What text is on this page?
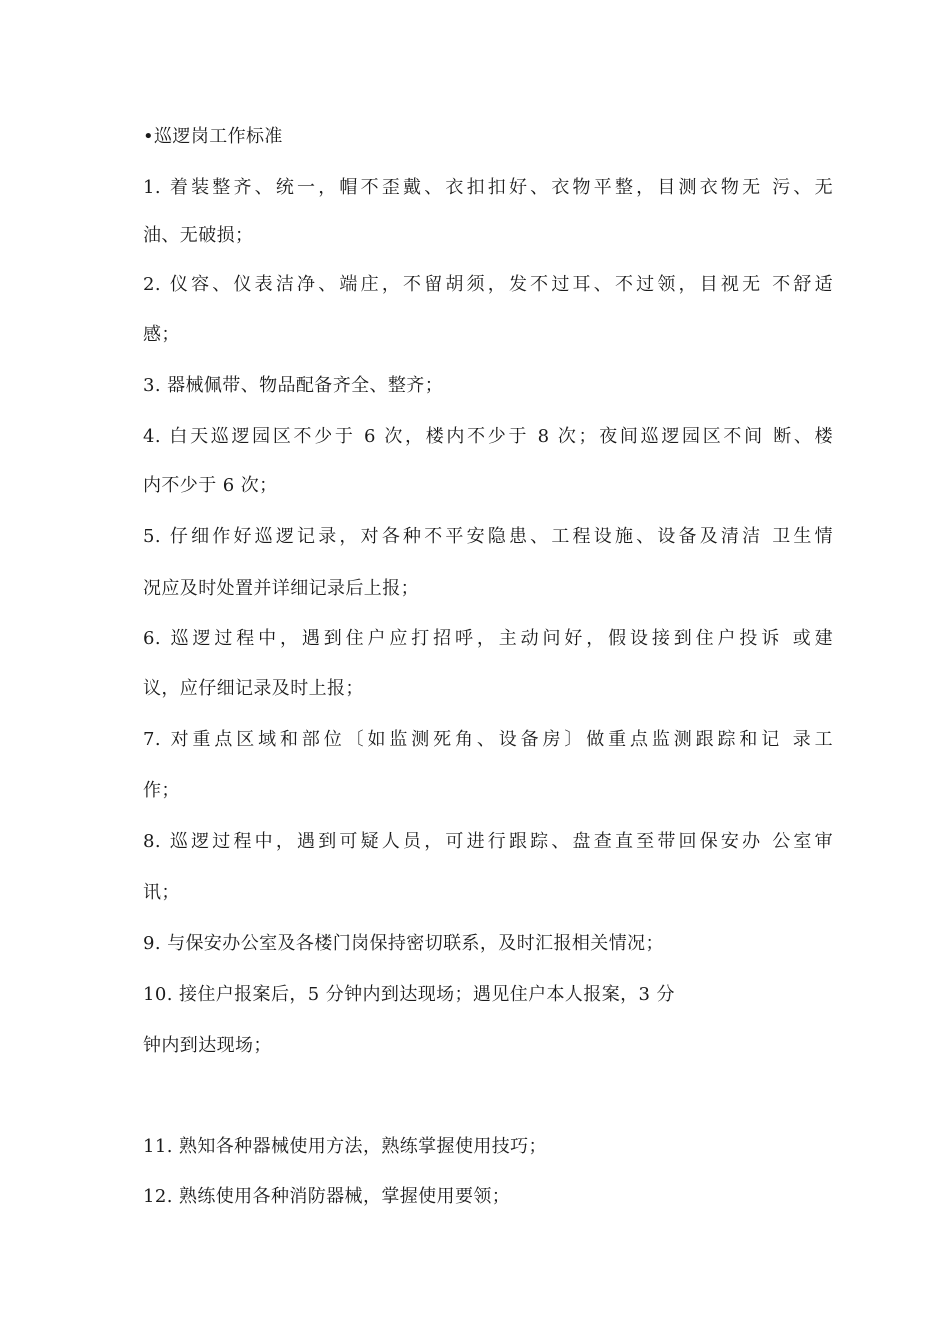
•巡逻岗工作标准
1. 着装整齐、统一，帽不歪戴、衣扣扣好、衣物平整，目测衣物无 污、无
油、无破损；
2. 仪容、仪表洁净、端庄，不留胡须，发不过耳、不过领，目视无 不舒适
感；
3. 器械佩带、物品配备齐全、整齐；
4. 白天巡逻园区不少于 6 次，楼内不少于 8 次；夜间巡逻园区不间 断、楼
内不少于 6 次；
5. 仔细作好巡逻记录，对各种不平安隐患、工程设施、设备及清洁 卫生情
况应及时处置并详细记录后上报；
6. 巡逻过程中，遇到住户应打招呼，主动问好，假设接到住户投诉 或建
议，应仔细记录及时上报；
7. 对重点区域和部位〔如监测死角、设备房〕做重点监测跟踪和记 录工
作；
8. 巡逻过程中，遇到可疑人员，可进行跟踪、盘查直至带回保安办 公室审
讯；
9. 与保安办公室及各楼门岗保持密切联系，及时汇报相关情况；
10. 接住户报案后，5 分钟内到达现场；遇见住户本人报案，3 分
钟内到达现场；
11. 熟知各种器械使用方法，熟练掌握使用技巧；
12. 熟练使用各种消防器械，掌握使用要领；
